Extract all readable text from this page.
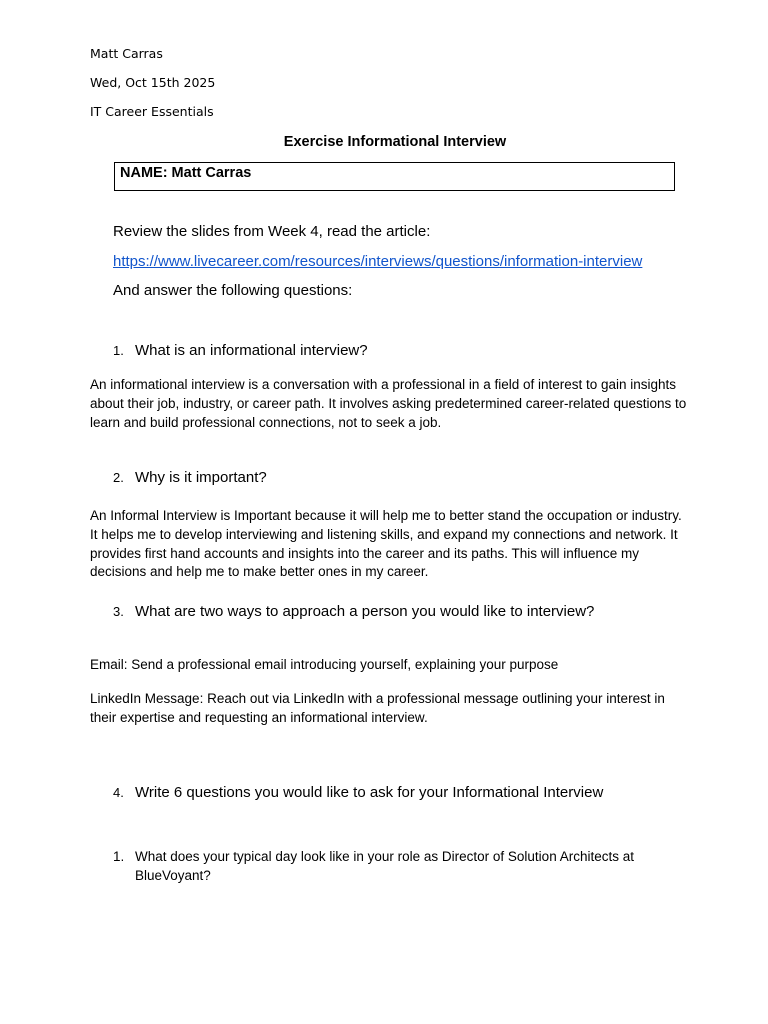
Matt Carras
Wed, Oct 15th 2025
IT Career Essentials
Exercise Informational Interview
NAME: Matt Carras
Review the slides from Week 4, read the article:
https://www.livecareer.com/resources/interviews/questions/information-interview
And answer the following questions:
1. What is an informational interview?
An informational interview is a conversation with a professional in a field of interest to gain insights about their job, industry, or career path. It involves asking predetermined career-related questions to learn and build professional connections, not to seek a job.
2. Why is it important?
An Informal Interview is Important because it will help me to better stand the occupation or industry. It helps me to develop interviewing and listening skills, and expand my connections and network. It provides first hand accounts and insights into the career and its paths. This will influence my decisions and help me to make better ones in my career.
3. What are two ways to approach a person you would like to interview?
Email: Send a professional email introducing yourself, explaining your purpose
LinkedIn Message: Reach out via LinkedIn with a professional message outlining your interest in their expertise and requesting an informational interview.
4. Write 6 questions you would like to ask for your Informational Interview
1. What does your typical day look like in your role as Director of Solution Architects at BlueVoyant?
